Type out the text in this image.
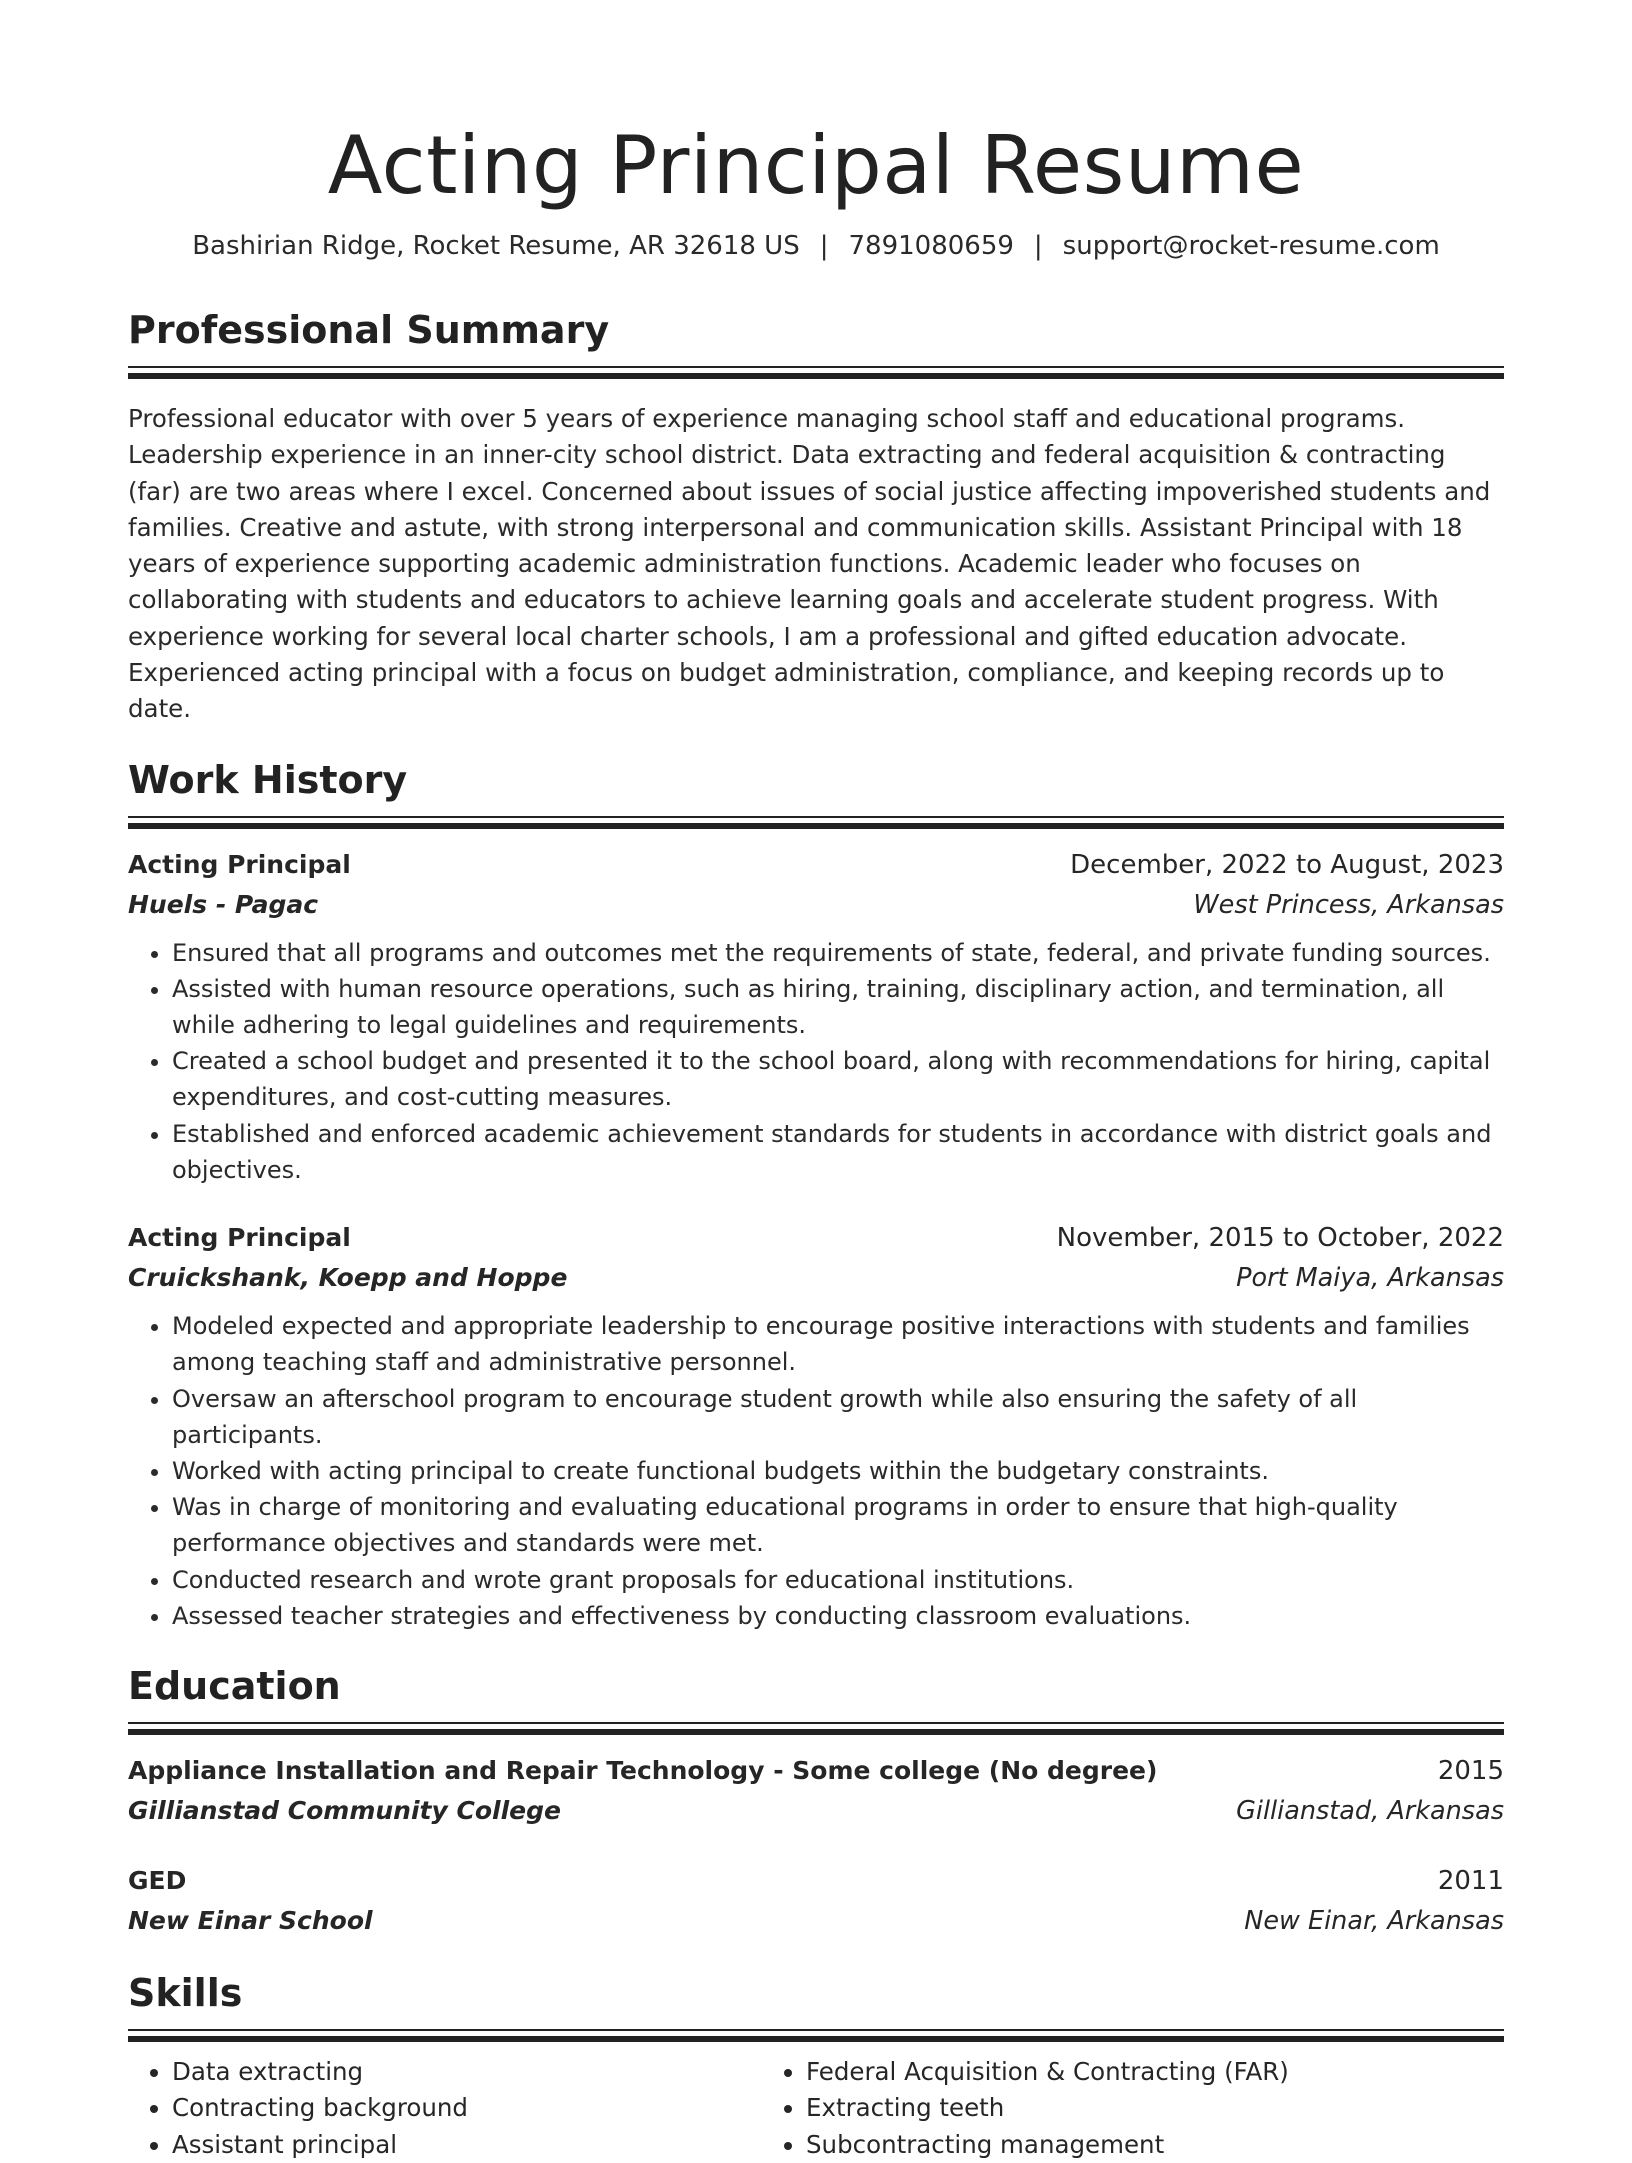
Acting Principal Resume
Bashirian Ridge, Rocket Resume, AR 32618 US | 7891080659 | support@rocket-resume.com
Professional Summary

Professional educator with over 5 years of experience managing school staff and educational programs. Leadership experience in an inner-city school district. Data extracting and federal acquisition & contracting (far) are two areas where I excel. Concerned about issues of social justice affecting impoverished students and families. Creative and astute, with strong interpersonal and communication skills. Assistant Principal with 18 years of experience supporting academic administration functions. Academic leader who focuses on collaborating with students and educators to achieve learning goals and accelerate student progress. With experience working for several local charter schools, I am a professional and gifted education advocate. Experienced acting principal with a focus on budget administration, compliance, and keeping records up to date.

Work History
Acting Principal	December, 2022 to August, 2023
Huels - Pagac	West Princess, Arkansas
• Ensured that all programs and outcomes met the requirements of state, federal, and private funding sources.
• Assisted with human resource operations, such as hiring, training, disciplinary action, and termination, all while adhering to legal guidelines and requirements.
• Created a school budget and presented it to the school board, along with recommendations for hiring, capital expenditures, and cost-cutting measures.
• Established and enforced academic achievement standards for students in accordance with district goals and objectives.
Acting Principal	November, 2015 to October, 2022
Cruickshank, Koepp and Hoppe	Port Maiya, Arkansas
• Modeled expected and appropriate leadership to encourage positive interactions with students and families among teaching staff and administrative personnel.
• Oversaw an afterschool program to encourage student growth while also ensuring the safety of all participants.
• Worked with acting principal to create functional budgets within the budgetary constraints.
• Was in charge of monitoring and evaluating educational programs in order to ensure that high-quality performance objectives and standards were met.
• Conducted research and wrote grant proposals for educational institutions.
• Assessed teacher strategies and effectiveness by conducting classroom evaluations.
Education
Appliance Installation and Repair Technology - Some college (No degree)	2015
Gillianstad Community College	Gillianstad, Arkansas
GED	2011
New Einar School	New Einar, Arkansas
Skills
• Data extracting
• Contracting background
• Assistant principal
• Federal Acquisition & Contracting (FAR)
• Extracting teeth
• Subcontracting management
